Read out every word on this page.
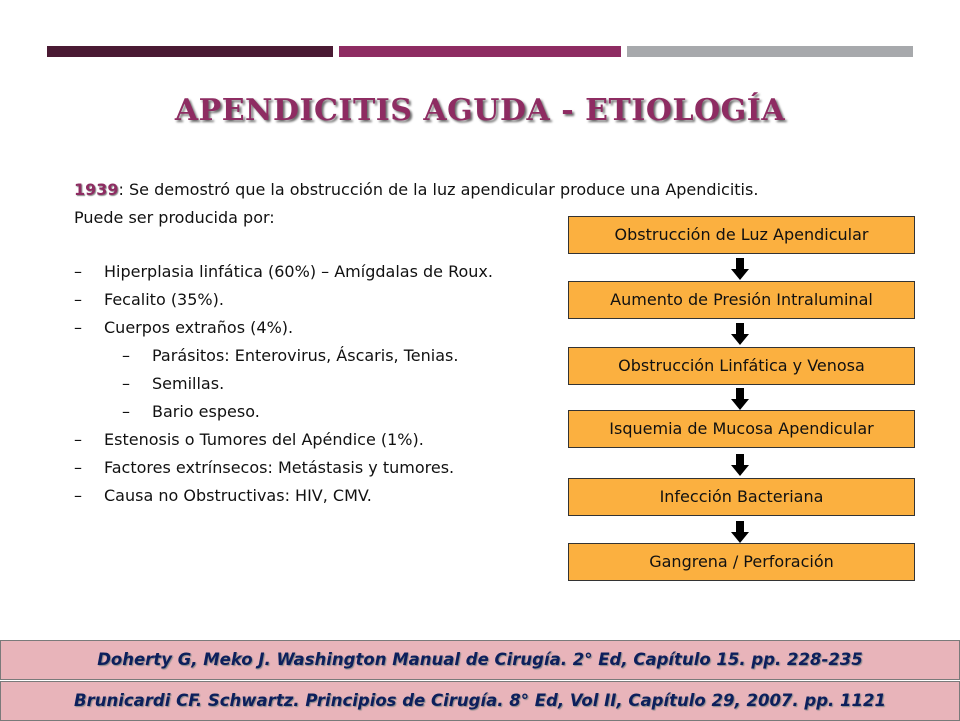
APENDICITIS AGUDA - ETIOLOGÍA
1939: Se demostró que la obstrucción de la luz apendicular produce una Apendicitis.
Puede ser producida por:
– Hiperplasia linfática (60%) – Amígdalas de Roux.
– Fecalito (35%).
– Cuerpos extraños (4%).
– Parásitos: Enterovirus, Áscaris, Tenias.
– Semillas.
– Bario espeso.
– Estenosis o Tumores del Apéndice (1%).
– Factores extrínsecos: Metástasis y tumores.
– Causa no Obstructivas: HIV, CMV.
Obstrucción de Luz Apendicular
Aumento de Presión Intraluminal
Obstrucción Linfática y Venosa
Isquemia de Mucosa Apendicular
Infección Bacteriana
Gangrena / Perforación
Doherty G, Meko J. Washington Manual de Cirugía. 2° Ed, Capítulo 15. pp. 228-235
Brunicardi CF. Schwartz. Principios de Cirugía. 8° Ed, Vol II, Capítulo 29, 2007. pp. 1121
